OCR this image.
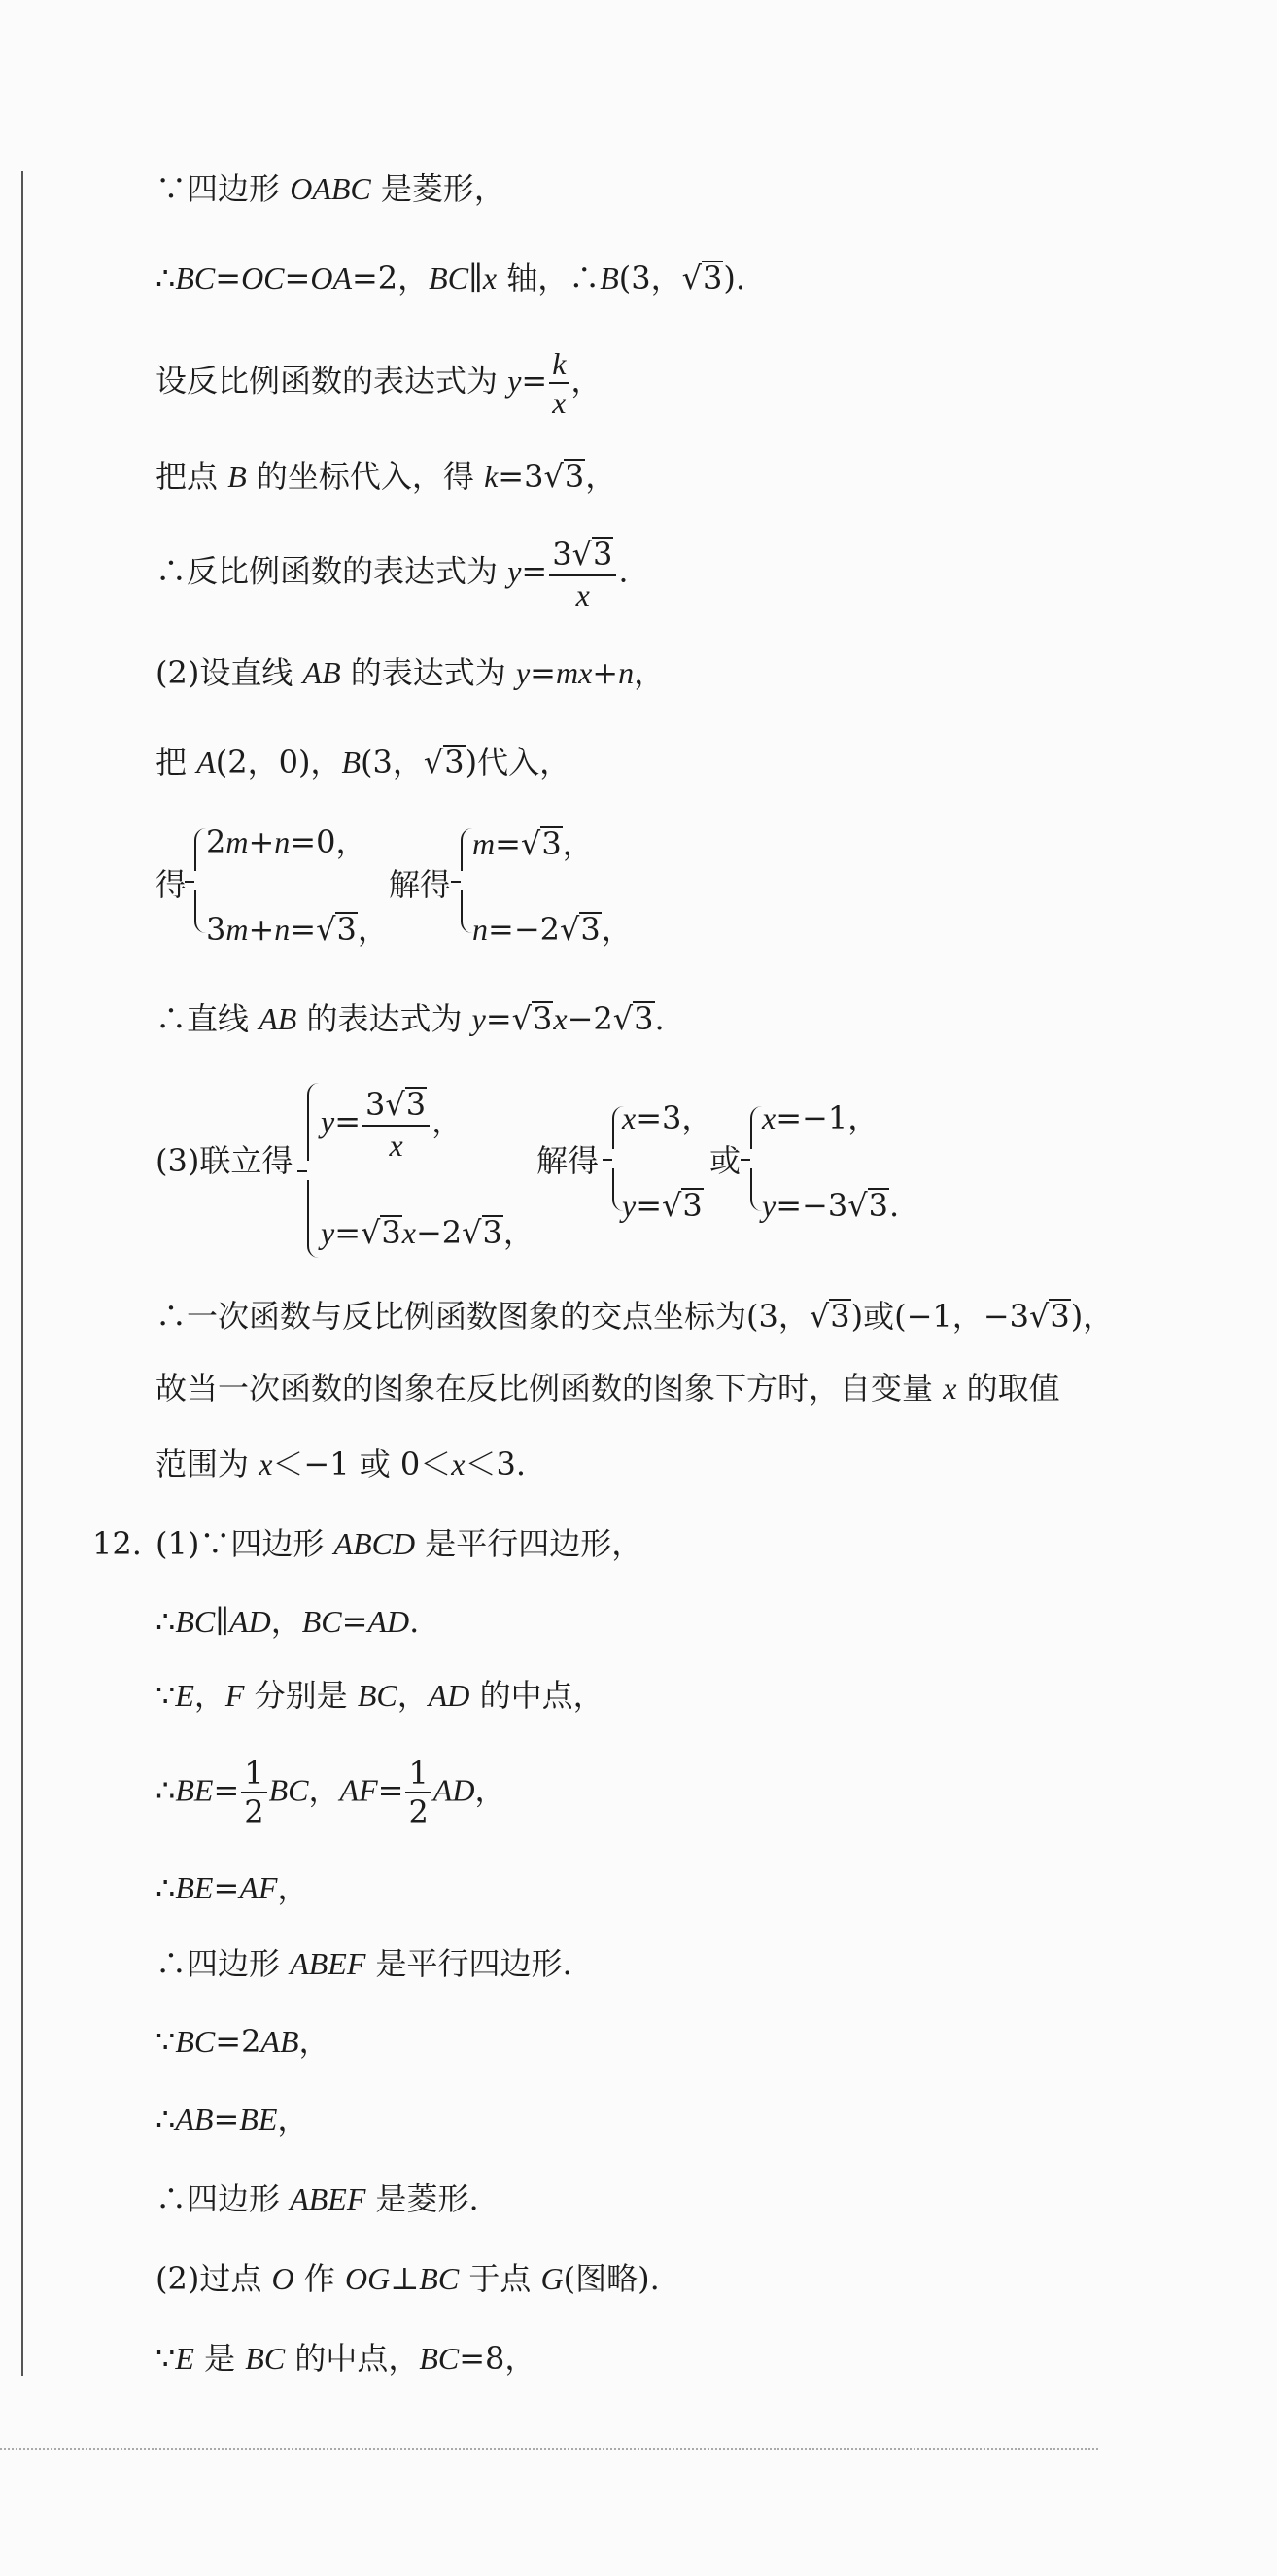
∵四边形 OABC 是菱形，
∴BC=OC=OA=2，BC∥x 轴，∴B(3，√3).
设反比例函数的表达式为 $y= \frac{k}{x}$ ，
把点 B 的坐标代入，得 k=3√3，
∴反比例函数的表达式为 $y= \frac{3√3}{x}$ .
(2)设直线 AB 的表达式为 y=mx+n，
把 A(2，0)，B(3，√3)代入，
得
2m+n=0，
3m+n=√3，
解得
m=√3，
n=−2√3，
∴直线 AB 的表达式为 y=√3x−2√3.
(3)联立得
$y= \frac{3√3}{x}$ ，
y=√3x−2√3，
解得
x=3，
y=√3
或
x=−1，
y=−3√3.
∴一次函数与反比例函数图象的交点坐标为(3，√3)或(−1，−3√3)，
故当一次函数的图象在反比例函数的图象下方时，自变量 x 的取值
范围为 x＜−1 或 0＜x＜3.
12. (1)∵四边形 ABCD 是平行四边形，
∴BC∥AD，BC=AD.
∵E，F 分别是 BC，AD 的中点，
∴BE= $\frac{1}{2}$ BC，$AF= \frac{1}{2}$ AD，
∴BE=AF，
∴四边形 ABEF 是平行四边形.
∵BC=2AB，
∴AB=BE，
∴四边形 ABEF 是菱形.
(2)过点 O 作 OG⊥BC 于点 G(图略).
∵E 是 BC 的中点，BC=8，
